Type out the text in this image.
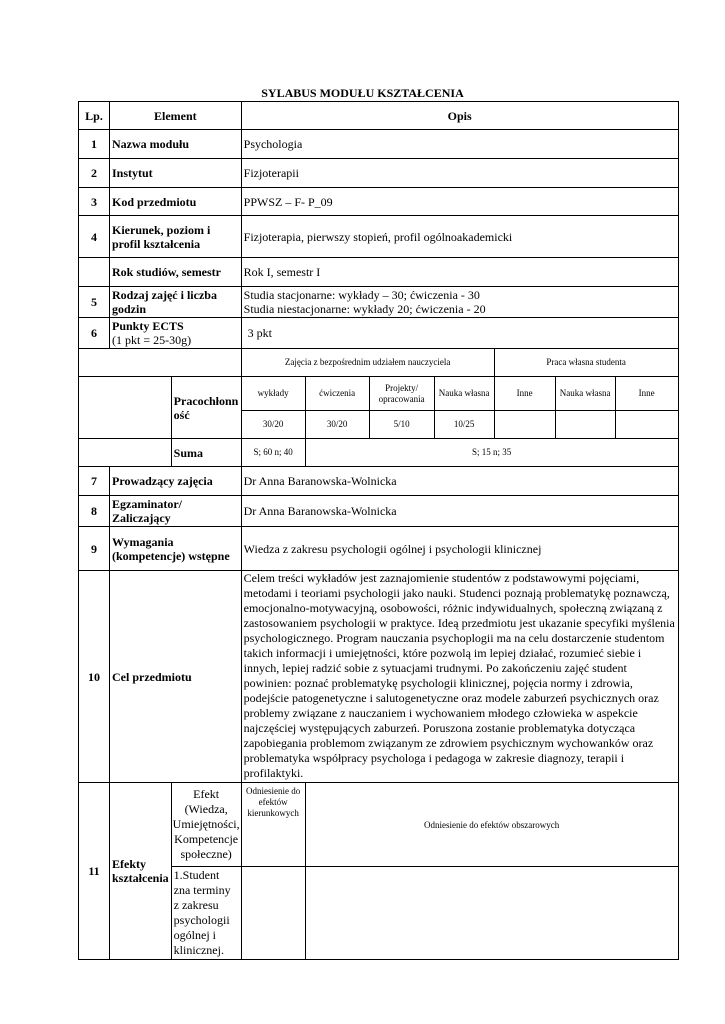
SYLABUS MODUŁU KSZTAŁCENIA
Lp.	Element		Opis						
1	Nazwa modułu		Psychologia						
2	Instytut		Fizjoterapii						
3	Kod przedmiotu		PPWSZ – F- P_09						
4	Kierunek, poziom i profil kształcenia		Fizjoterapia, pierwszy stopień, profil ogólnoakademicki						
	Rok studiów, semestr		Rok I, semestr I						
5	Rodzaj zajęć i liczba godzin		Studia stacjonarne: wykłady – 30; ćwiczenia - 30
Studia niestacjonarne: wykłady 20; ćwiczenia - 20						

6	Punkty ECTS
(1 pkt = 25-30g)		3 pkt						
			Zajęcia z bezpośrednim udziałem nauczyciela				Praca własna studenta		
		Pracochłonność	wykłady	ćwiczenia	Projekty/ opracowania	Nauka własna	Inne	Nauka własna	Inne
			30/20	30/20	5/10	10/25			
		Suma	S; 60 n; 40	S; 15 n; 35					
7	Prowadzący zajęcia		Dr Anna Baranowska-Wolnicka						
8	Egzaminator/ Zaliczający		Dr Anna Baranowska-Wolnicka						
9	Wymagania (kompetencje) wstępne		Wiedza z zakresu psychologii ogólnej i psychologii klinicznej						
10	Cel przedmiotu		Celem treści wykładów jest zaznajomienie studentów z podstawowymi pojęciami, metodami i teoriami psychologii jako nauki. Studenci poznają problematykę poznawczą, emocjonalno-motywacyjną, osobowości, różnic indywidualnych, społeczną związaną z zastosowaniem psychologii w praktyce. Ideą przedmiotu jest ukazanie specyfiki myślenia psychologicznego. Program nauczania psychoplogii ma na celu dostarczenie studentom takich informacji i umiejętności, które pozwolą im lepiej działać, rozumieć siebie i innych, lepiej radzić sobie z sytuacjami trudnymi. Po zakończeniu zajęć student powinien: poznać problematykę psychologii klinicznej, pojęcia normy i zdrowia, podejście patogenetyczne i salutogenetyczne oraz modele zaburzeń psychicznych oraz problemy związane z nauczaniem i wychowaniem młodego człowieka w aspekcie najczęściej występujących zaburzeń. Poruszona zostanie problematyka dotycząca zapobiegania problemom związanym ze zdrowiem psychicznym wychowanków oraz problematyka współpracy psychologa i pedagoga w zakresie diagnozy, terapii i profilaktyki.						
11	Efekty kształcenia	Efekt (Wiedza, Umiejętności, Kompetencje społeczne)	Odniesienie do efektów kierunkowych	Odniesienie do efektów obszarowych					
		1.Student zna terminy z zakresu psychologii ogólnej i klinicznej.							
